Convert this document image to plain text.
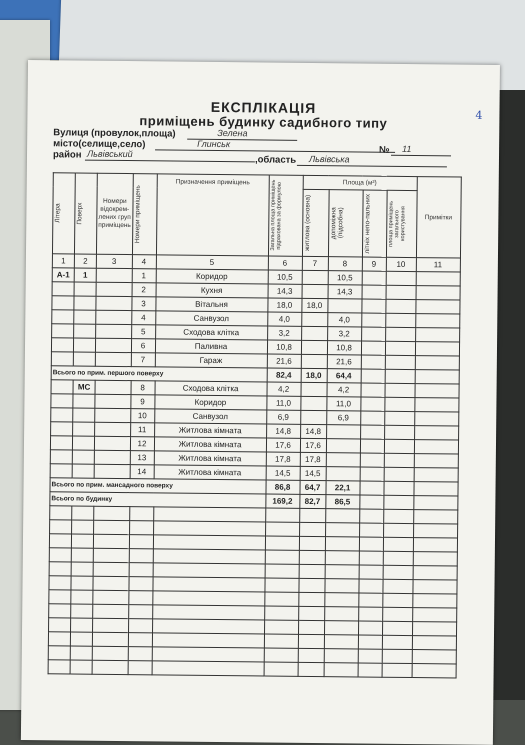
4
ЕКСПЛІКАЦІЯ
приміщень будинку садибного типу
Вулиця (провулок,площа)	Зелена
місто(селище,село)	Глинськ
№ 11
район Львівський
,область Львівська
Літера	Поверх	Номери відокрем-лених груп приміщень	Номери приміщень	Призначення приміщень	Загальна площа приміщень підрахована за формулою	Площа (м²)				Примітки

						житлова (основна)	допоміжна (підсобна)	літніх непо-пальних	площа приміщень загального користування	

1	2	3	4	5	6	7	8	9	10	11
А-1	1		1	Коридор	10,5		10,5			
			2	Кухня	14,3		14,3			
			3	Вітальня	18,0	18,0				
			4	Санвузол	4,0		4,0			
			5	Сходова клітка	3,2		3,2			
			6	Паливна	10,8		10,8			
			7	Гараж	21,6		21,6			
Всього по прим. першого поверху					82,4	18,0	64,4			
	МС		8	Сходова клітка	4,2		4,2			
			9	Коридор	11,0		11,0			
			10	Санвузол	6,9		6,9			
			11	Житлова кімната	14,8	14,8				
			12	Житлова кімната	17,6	17,6				
			13	Житлова кімната	17,8	17,8				
			14	Житлова кімната	14,5	14,5				
Всього по прим. мансадного поверху					86,8	64,7	22,1			
Всього по будинку					169,2	82,7	86,5			
